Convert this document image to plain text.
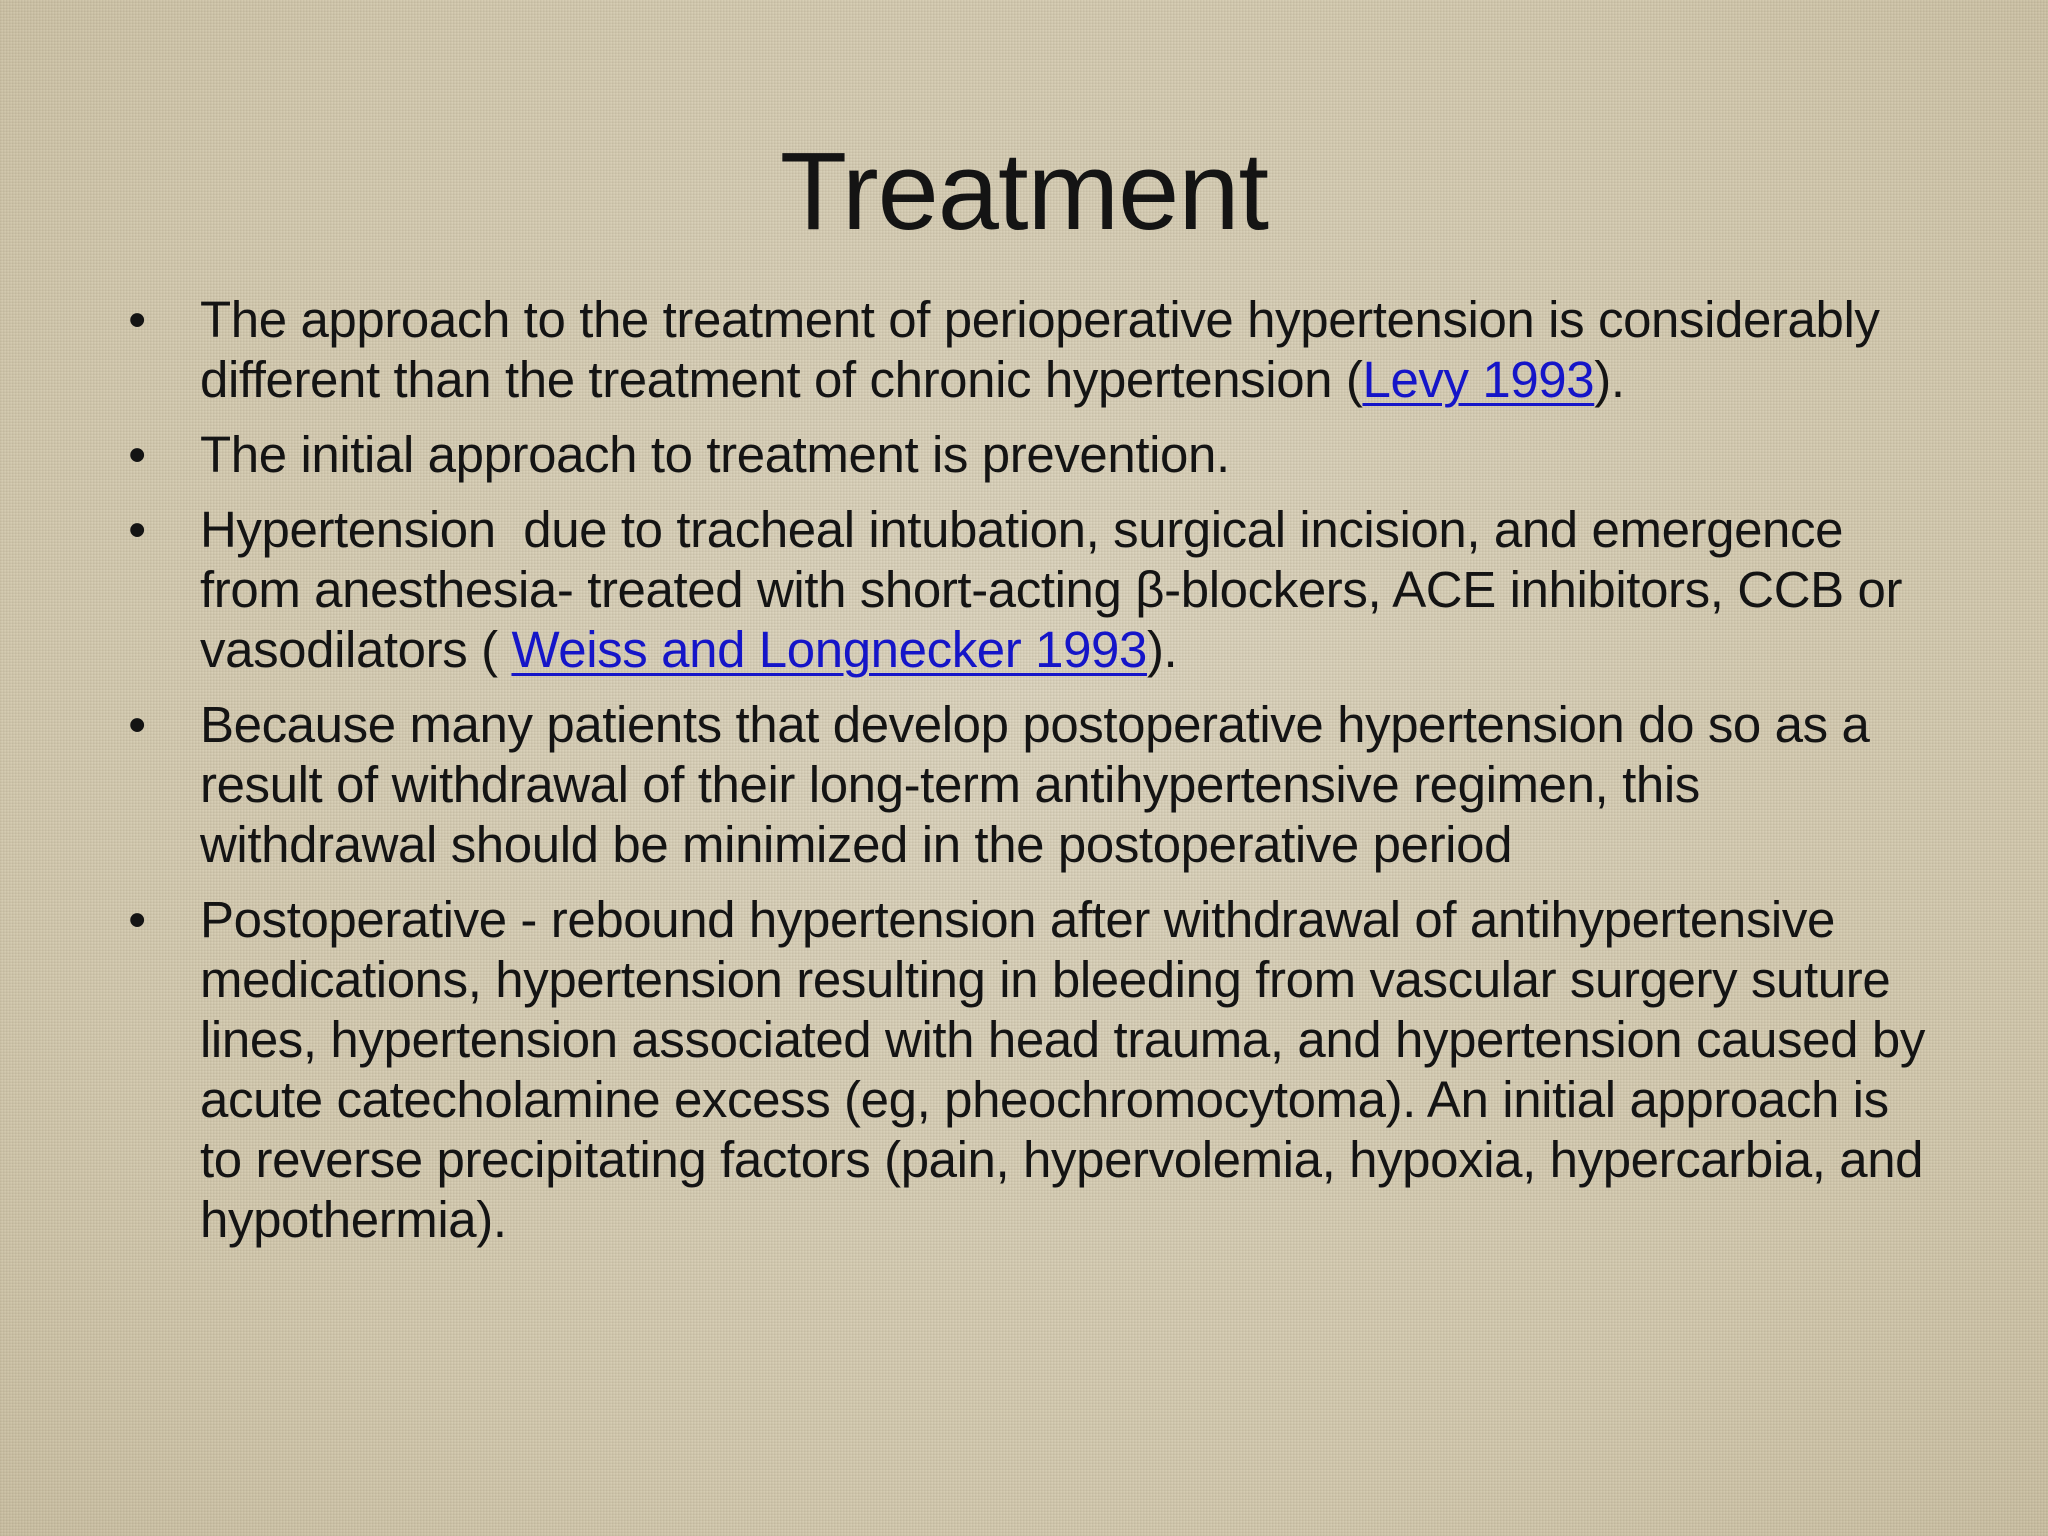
Treatment
• The approach to the treatment of perioperative hypertension is considerably different than the treatment of chronic hypertension (Levy 1993).
• The initial approach to treatment is prevention.
• Hypertension  due to tracheal intubation, surgical incision, and emergence from anesthesia- treated with short-acting β-blockers, ACE inhibitors, CCB or vasodilators ( Weiss and Longnecker 1993).
• Because many patients that develop postoperative hypertension do so as a result of withdrawal of their long-term antihypertensive regimen, this withdrawal should be minimized in the postoperative period
• Postoperative - rebound hypertension after withdrawal of antihypertensive medications, hypertension resulting in bleeding from vascular surgery suture lines, hypertension associated with head trauma, and hypertension caused by acute catecholamine excess (eg, pheochromocytoma). An initial approach is to reverse precipitating factors (pain, hypervolemia, hypoxia, hypercarbia, and hypothermia).
